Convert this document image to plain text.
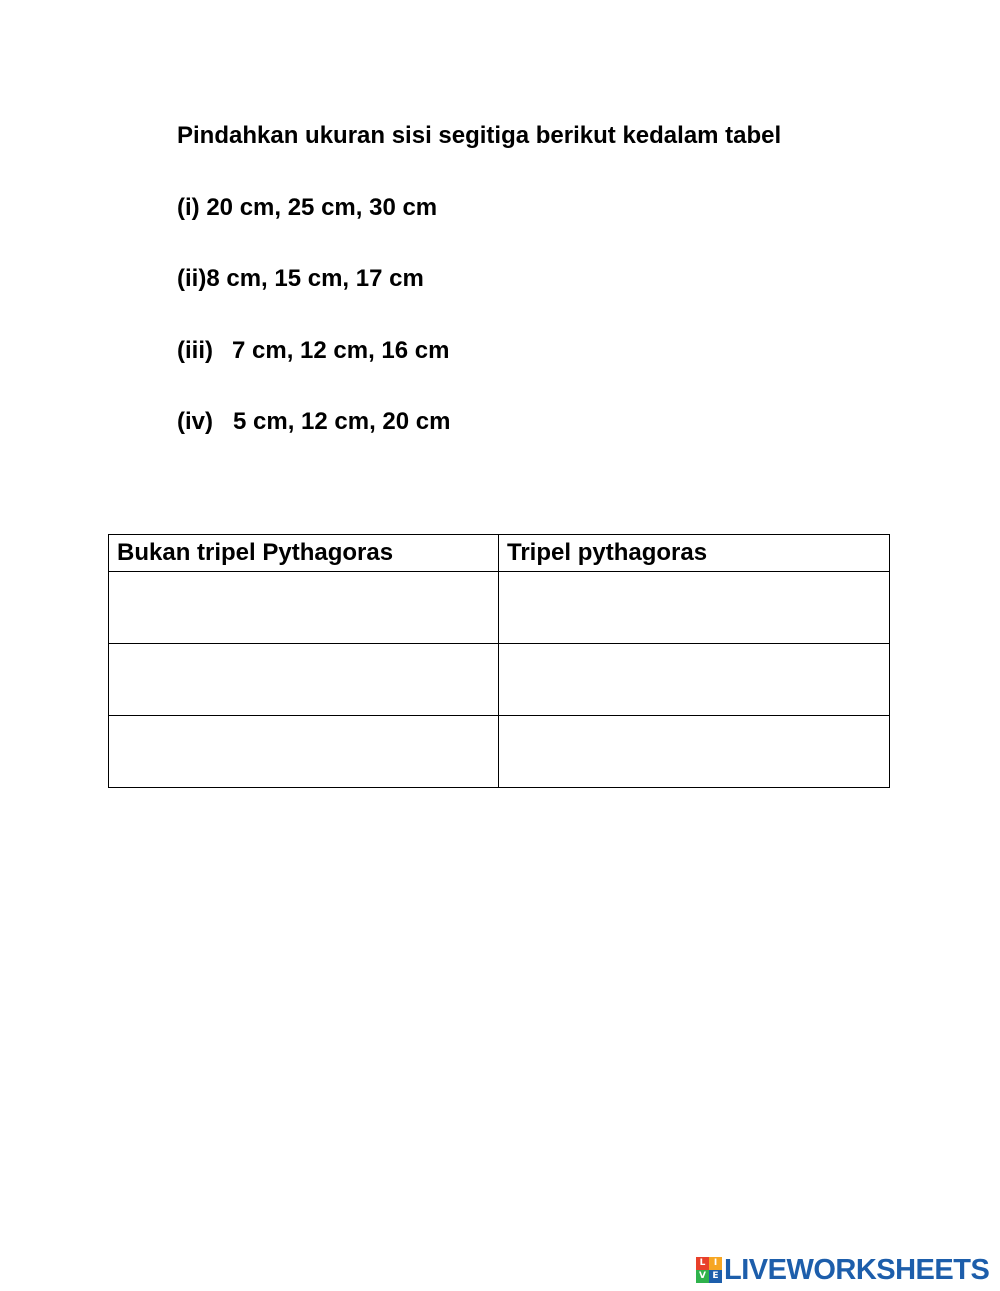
Pindahkan ukuran sisi segitiga berikut kedalam tabel
(i) 20 cm, 25 cm, 30 cm
(ii)8 cm, 15 cm, 17 cm
(iii) 7 cm, 12 cm, 16 cm
(iv) 5 cm, 12 cm, 20 cm
Bukan tripel Pythagoras	Tripel pythagoras

L I
V E LIVEWORKSHEETS
